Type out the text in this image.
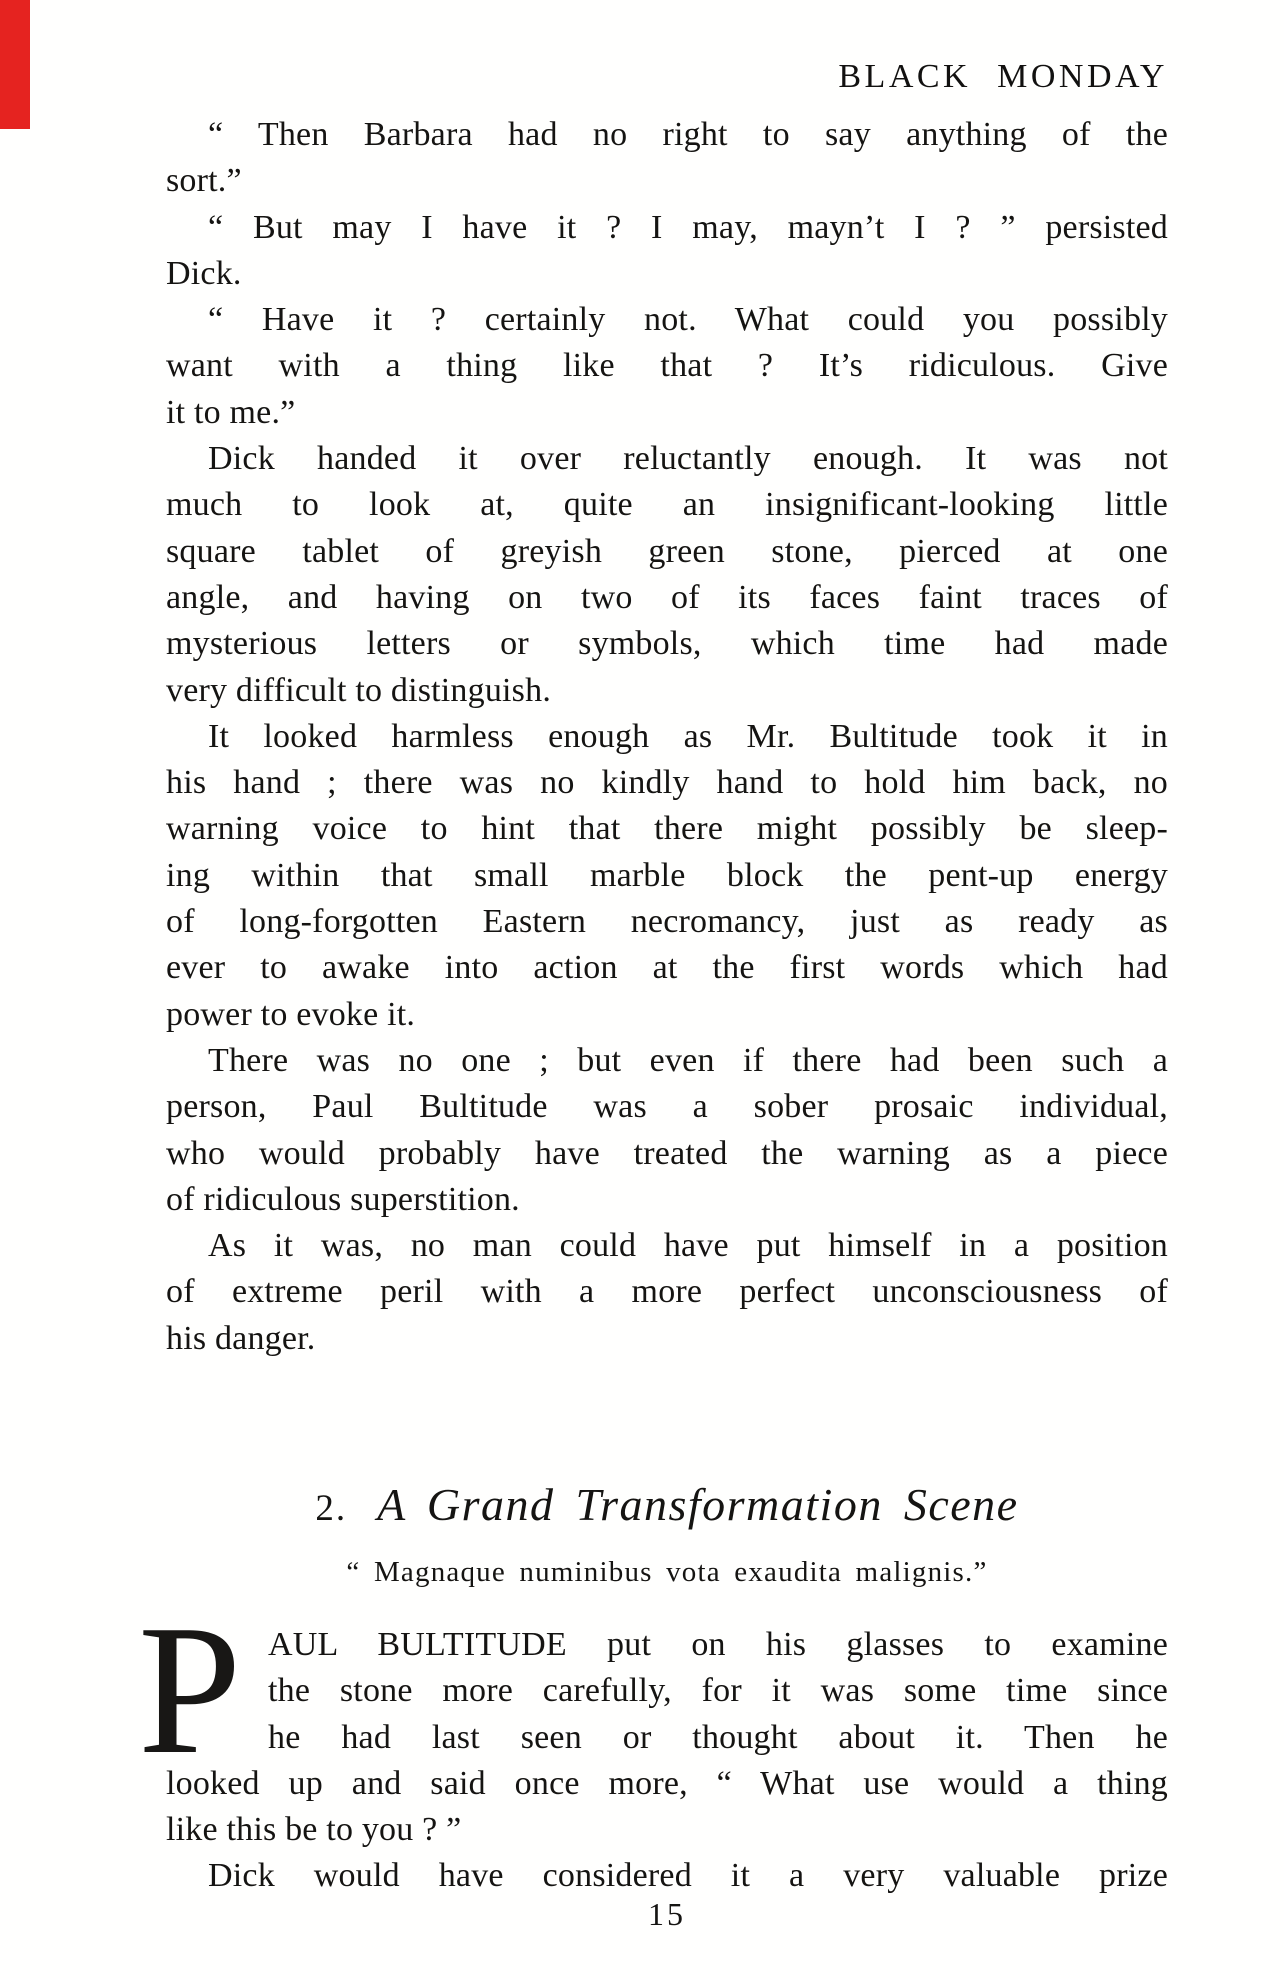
BLACK MONDAY
“ Then Barbara had no right to say anything of the
sort.”
“ But may I have it ? I may, mayn’t I ? ” persisted
Dick.
“ Have it ? certainly not. What could you possibly
want with a thing like that ? It’s ridiculous. Give
it to me.”
Dick handed it over reluctantly enough. It was not
much to look at, quite an insignificant-looking little
square tablet of greyish green stone, pierced at one
angle, and having on two of its faces faint traces of
mysterious letters or symbols, which time had made
very difficult to distinguish.
It looked harmless enough as Mr. Bultitude took it in
his hand ; there was no kindly hand to hold him back, no
warning voice to hint that there might possibly be sleep-
ing within that small marble block the pent-up energy
of long-forgotten Eastern necromancy, just as ready as
ever to awake into action at the first words which had
power to evoke it.
There was no one ; but even if there had been such a
person, Paul Bultitude was a sober prosaic individual,
who would probably have treated the warning as a piece
of ridiculous superstition.
As it was, no man could have put himself in a position
of extreme peril with a more perfect unconsciousness of
his danger.
2. A Grand Transformation Scene
“ Magnaque numinibus vota exaudita malignis.”
P AUL BULTITUDE put on his glasses to examine
the stone more carefully, for it was some time since
he had last seen or thought about it. Then he
looked up and said once more, “ What use would a thing
like this be to you ? ”
Dick would have considered it a very valuable prize
15
